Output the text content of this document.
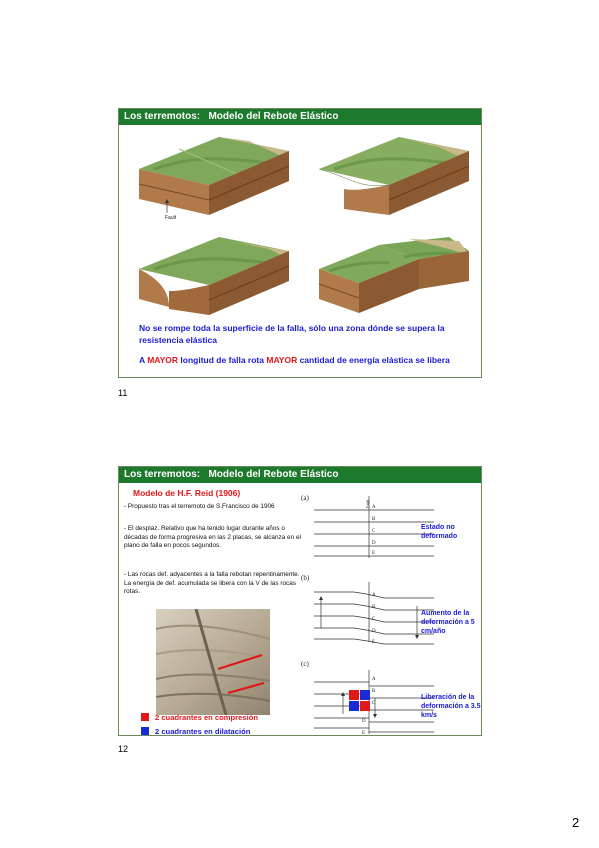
Los terremotos:   Modelo del Rebote Elástico
Fault
No se rompe toda la superficie de la falla, sólo una zona dónde se supera la resistencia elástica
A MAYOR longitud de falla rota MAYOR cantidad de energía elástica se libera
11
Los terremotos:   Modelo del Rebote Elástico
Modelo de H.F. Reid (1906)
- Propuesto tras el terremoto de S.Francisco de 1906
- El desplaz. Relativo que ha tenido lugar durante años o décadas de forma progresiva en las 2 placas, se alcanza en el plano de falla en pocos segundos.
- Las rocas def. adyacentes a la falla rebotan repentinamente. La energía de def. acumulada se libera con la V de las rocas rotas.
2 cuadrantes en compresión
2 cuadrantes en dilatación
(a)
Fault A
B
C
D
E
(b)
A
B
C
D
E
(c)
A
B
C
D
E
Estado no deformado
Aumento de la deformación a 5 cm/año
Liberación de la deformación a 3.5 km/s
12
2
